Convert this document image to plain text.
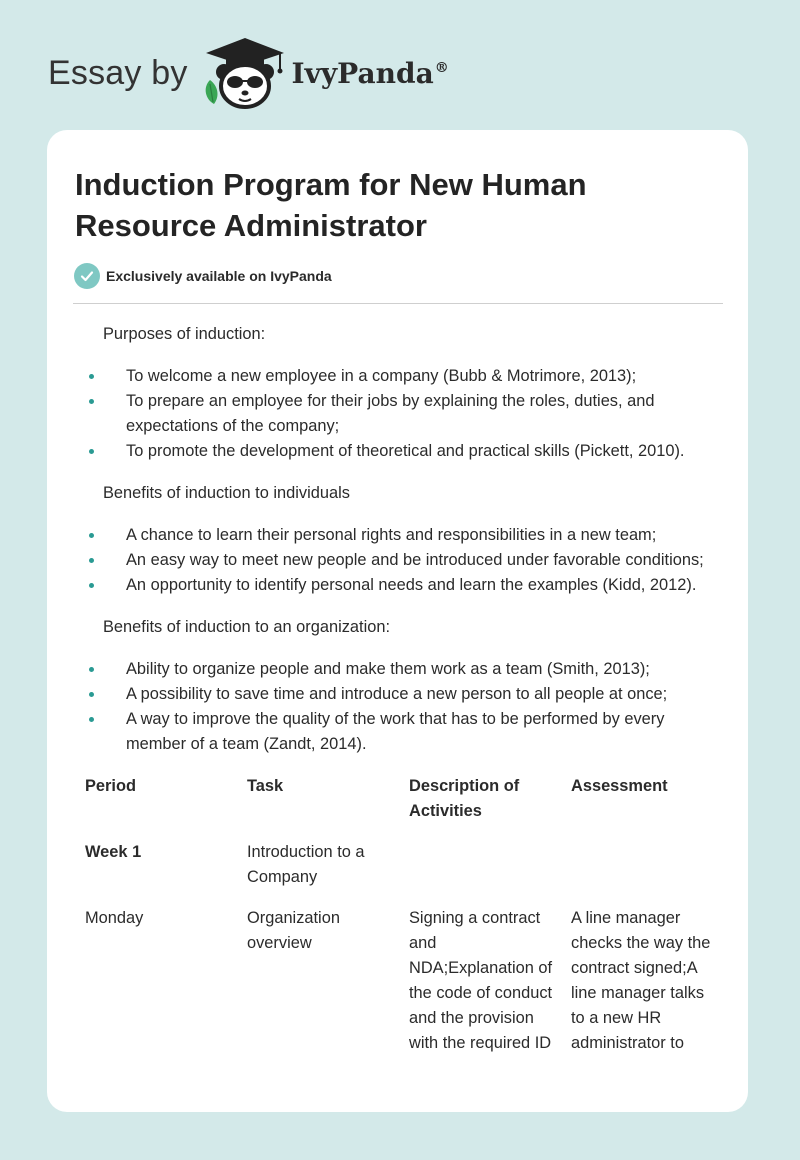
Essay by	IvyPanda®
Induction Program for New Human Resource Administrator
Exclusively available on IvyPanda

Purposes of induction:

To welcome a new employee in a company (Bubb & Motrimore, 2013);
To prepare an employee for their jobs by explaining the roles, duties, and expectations of the company;
To promote the development of theoretical and practical skills (Pickett, 2010).

Benefits of induction to individuals

A chance to learn their personal rights and responsibilities in a new team;
An easy way to meet new people and be introduced under favorable conditions;
An opportunity to identify personal needs and learn the examples (Kidd, 2012).

Benefits of induction to an organization:

Ability to organize people and make them work as a team (Smith, 2013);
A possibility to save time and introduce a new person to all people at once;
A way to improve the quality of the work that has to be performed by every member of a team (Zandt, 2014).
Period	Task	Description of Activities	Assessment
Week 1	Introduction to a Company		
Monday	Organization overview	Signing a contract and NDA;Explanation of the code of conduct and the provision with the required ID	A line manager checks the way the contract signed;A line manager talks to a new HR administrator to
